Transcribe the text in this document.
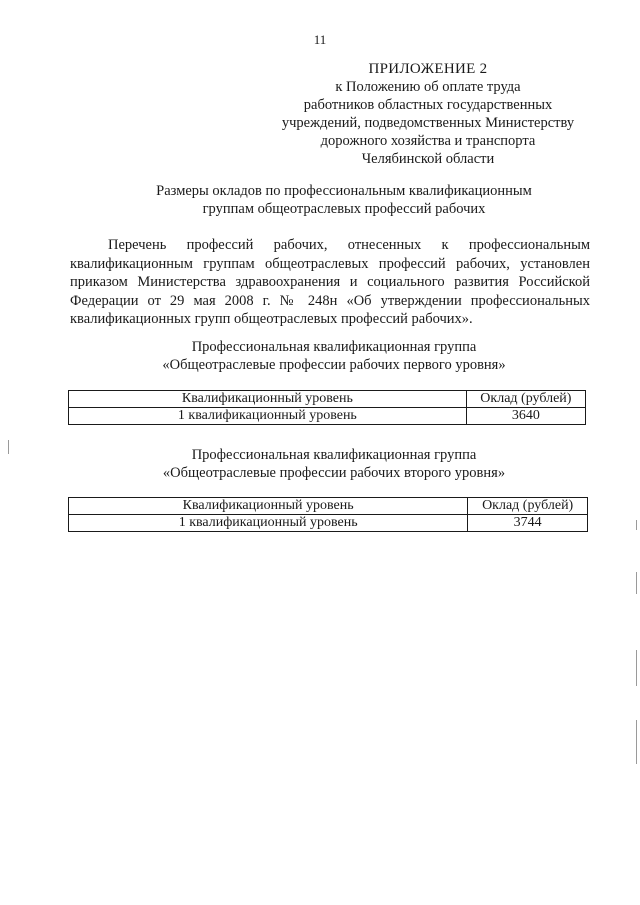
11
ПРИЛОЖЕНИЕ 2
к Положению об оплате труда
работников областных государственных
учреждений, подведомственных Министерству
дорожного хозяйства и транспорта
Челябинской области
Размеры окладов по профессиональным квалификационным
группам общеотраслевых профессий рабочих
Перечень профессий рабочих, отнесенных к профессиональным
квалификационным группам общеотраслевых профессий рабочих, установлен
приказом Министерства здравоохранения и социального развития Российской
Федерации от 29 мая 2008 г. № 248н «Об утверждении профессиональных
квалификационных групп общеотраслевых профессий рабочих».
Профессиональная квалификационная группа
«Общеотраслевые профессии рабочих первого уровня»
Квалификационный уровень	Оклад (рублей)
1 квалификационный уровень	3640
Профессиональная квалификационная группа
«Общеотраслевые профессии рабочих второго уровня»
Квалификационный уровень	Оклад (рублей)
1 квалификационный уровень	3744
